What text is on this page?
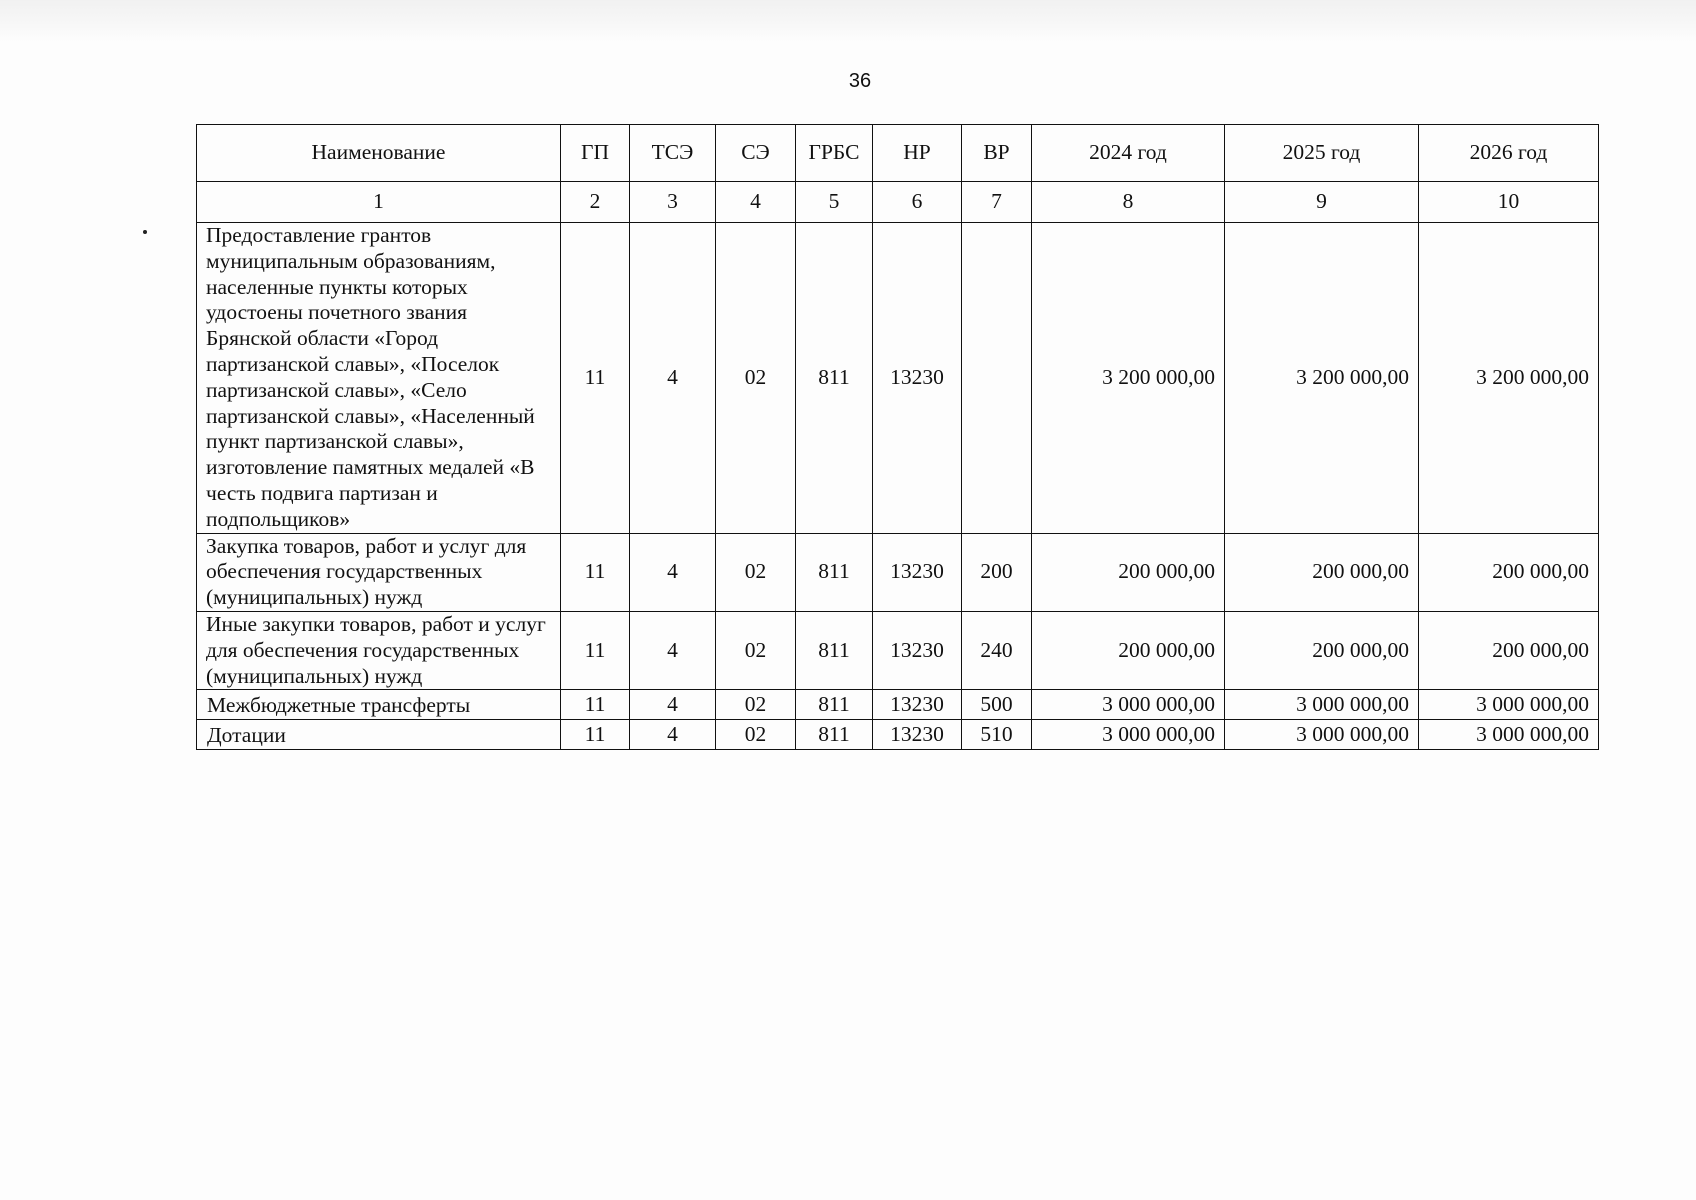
36
Наименование	ГП	ТСЭ	СЭ	ГРБС	НР	ВР	2024 год	2025 год	2026 год
1	2	3	4	5	6	7	8	9	10
Предоставление грантов муниципальным образованиям, населенные пункты которых удостоены почетного звания Брянской области «Город партизанской славы», «Поселок партизанской славы», «Село партизанской славы», «Населенный пункт партизанской славы», изготовление памятных медалей «В честь подвига партизан и подпольщиков»	11	4	02	811	13230		3 200 000,00	3 200 000,00	3 200 000,00
Закупка товаров, работ и услуг для обеспечения государственных (муниципальных) нужд	11	4	02	811	13230	200	200 000,00	200 000,00	200 000,00
Иные закупки товаров, работ и услуг для обеспечения государственных (муниципальных) нужд	11	4	02	811	13230	240	200 000,00	200 000,00	200 000,00
Межбюджетные трансферты	11	4	02	811	13230	500	3 000 000,00	3 000 000,00	3 000 000,00
Дотации	11	4	02	811	13230	510	3 000 000,00	3 000 000,00	3 000 000,00
